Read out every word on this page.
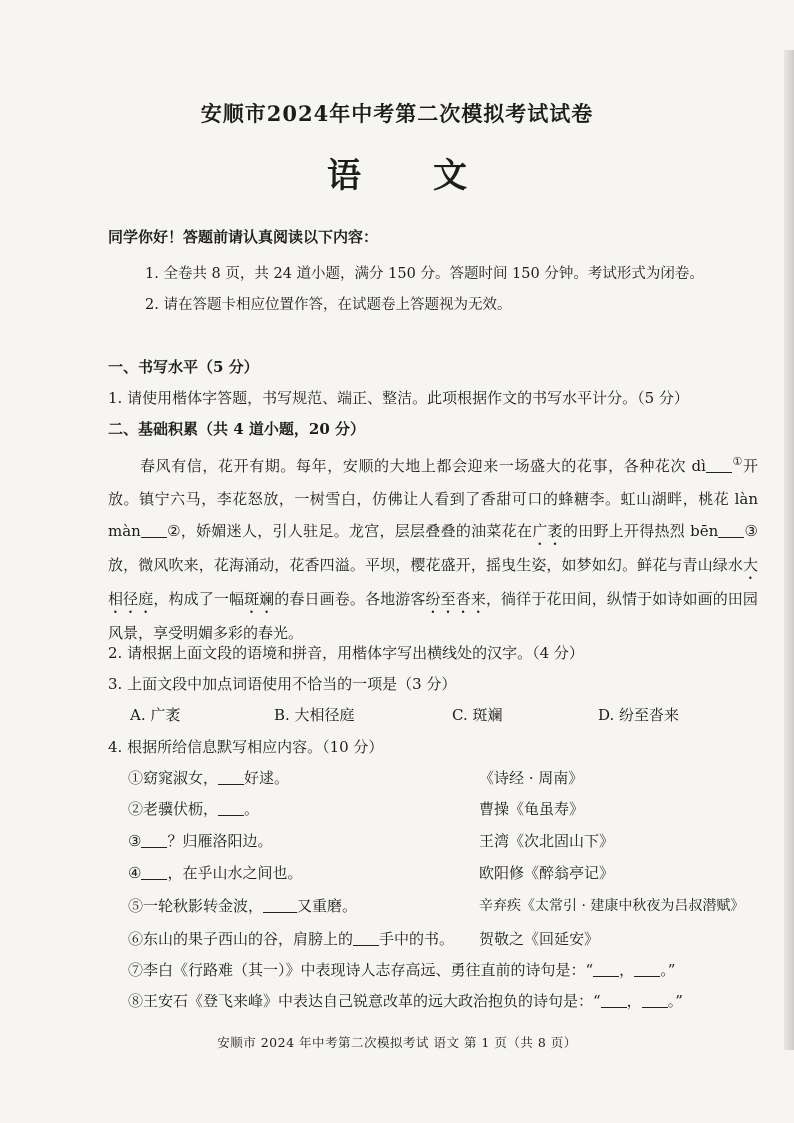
安顺市2024年中考第二次模拟考试试卷
语 文
同学你好！答题前请认真阅读以下内容：
1. 全卷共 8 页，共 24 道小题，满分 150 分。答题时间 150 分钟。考试形式为闭卷。
2. 请在答题卡相应位置作答，在试题卷上答题视为无效。
一、书写水平（5 分）
1. 请使用楷体字答题，书写规范、端正、整洁。此项根据作文的书写水平计分。（5 分）
二、基础积累（共 4 道小题，20 分）
春风有信，花开有期。每年，安顺的大地上都会迎来一场盛大的花事，各种花次 dì ①开放。镇宁六马，李花怒放，一树雪白，仿佛让人看到了香甜可口的蜂糖李。虹山湖畔，桃花 làn màn ②，娇媚迷人，引人驻足。龙宫，层层叠叠的油菜花在广袤的田野上开得热烈 bēn ③放，微风吹来，花海涌动，花香四溢。平坝，樱花盛开，摇曳生姿，如梦如幻。鲜花与青山绿水大相径庭，构成了一幅斑斓的春日画卷。各地游客纷至沓来，徜徉于花田间，纵情于如诗如画的田园风景，享受明媚多彩的春光。
2. 请根据上面文段的语境和拼音，用楷体字写出横线处的汉字。（4 分）
3. 上面文段中加点词语使用不恰当的一项是（3 分）
A. 广袤	B. 大相径庭	C. 斑斓	D. 纷至沓来
4. 根据所给信息默写相应内容。（10 分）
①窈窕淑女， 好逑。	《诗经 · 周南》
②老骥伏枥， 。	曹操《龟虽寿》
③ ？归雁洛阳边。	王湾《次北固山下》
④ ，在乎山水之间也。	欧阳修《醉翁亭记》
⑤一轮秋影转金波， 又重磨。	辛弃疾《太常引 · 建康中秋夜为吕叔潜赋》
⑥东山的果子西山的谷，肩膀上的 手中的书。 贺敬之《回延安》
⑦李白《行路难（其一）》中表现诗人志存高远、勇往直前的诗句是：“ ， 。”
⑧王安石《登飞来峰》中表达自己锐意改革的远大政治抱负的诗句是：“ ， 。”
安顺市 2024 年中考第二次模拟考试 语文 第 1 页（共 8 页）
